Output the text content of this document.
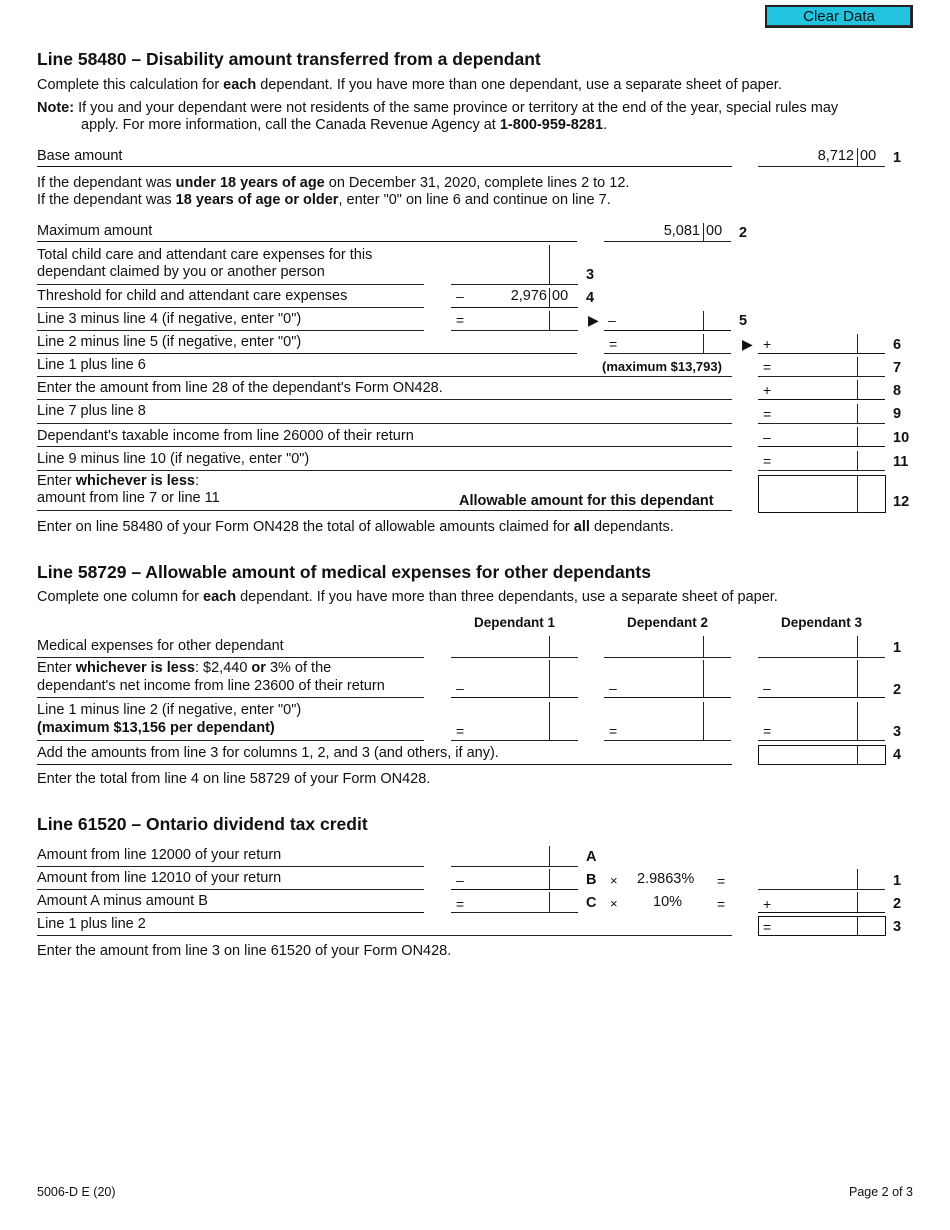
Clear Data
Line 58480 – Disability amount transferred from a dependant
Complete this calculation for each dependant. If you have more than one dependant, use a separate sheet of paper.
Note: If you and your dependant were not residents of the same province or territory at the end of the year, special rules may
apply. For more information, call the Canada Revenue Agency at 1-800-959-8281.
Base amount	8,712 00 1
If the dependant was under 18 years of age on December 31, 2020, complete lines 2 to 12.
If the dependant was 18 years of age or older, enter "0" on line 6 and continue on line 7.
Maximum amount	5,081 00 2
Total child care and attendant care expenses for this
dependant claimed by you or another person	3
Threshold for child and attendant care expenses	–	2,976 00 4
Line 3 minus line 4 (if negative, enter "0")	=	▶ –	5
Line 2 minus line 5 (if negative, enter "0")	=	▶ +	6
Line 1 plus line 6	(maximum $13,793)	=	7
Enter the amount from line 28 of the dependant's Form ON428.	+	8
Line 7 plus line 8	=	9
Dependant's taxable income from line 26000 of their return	–	10
Line 9 minus line 10 (if negative, enter "0")	=	11
Enter whichever is less:
amount from line 7 or line 11	Allowable amount for this dependant	12
Enter on line 58480 of your Form ON428 the total of allowable amounts claimed for all dependants.
Line 58729 – Allowable amount of medical expenses for other dependants
Complete one column for each dependant. If you have more than three dependants, use a separate sheet of paper.
Dependant 1	Dependant 2	Dependant 3
Medical expenses for other dependant	1
Enter whichever is less: $2,440 or 3% of the
dependant's net income from line 23600 of their return	–	–	–	2
Line 1 minus line 2 (if negative, enter "0")
(maximum $13,156 per dependant)	=	=	=	3
Add the amounts from line 3 for columns 1, 2, and 3 (and others, if any).	4
Enter the total from line 4 on line 58729 of your Form ON428.
Line 61520 – Ontario dividend tax credit
Amount from line 12000 of your return	A
Amount from line 12010 of your return	–	B × 2.9863% =	1
Amount A minus amount B	=	C × 10% =	+	2
Line 1 plus line 2	=	3
Enter the amount from line 3 on line 61520 of your Form ON428.
5006-D E (20)	Page 2 of 3
